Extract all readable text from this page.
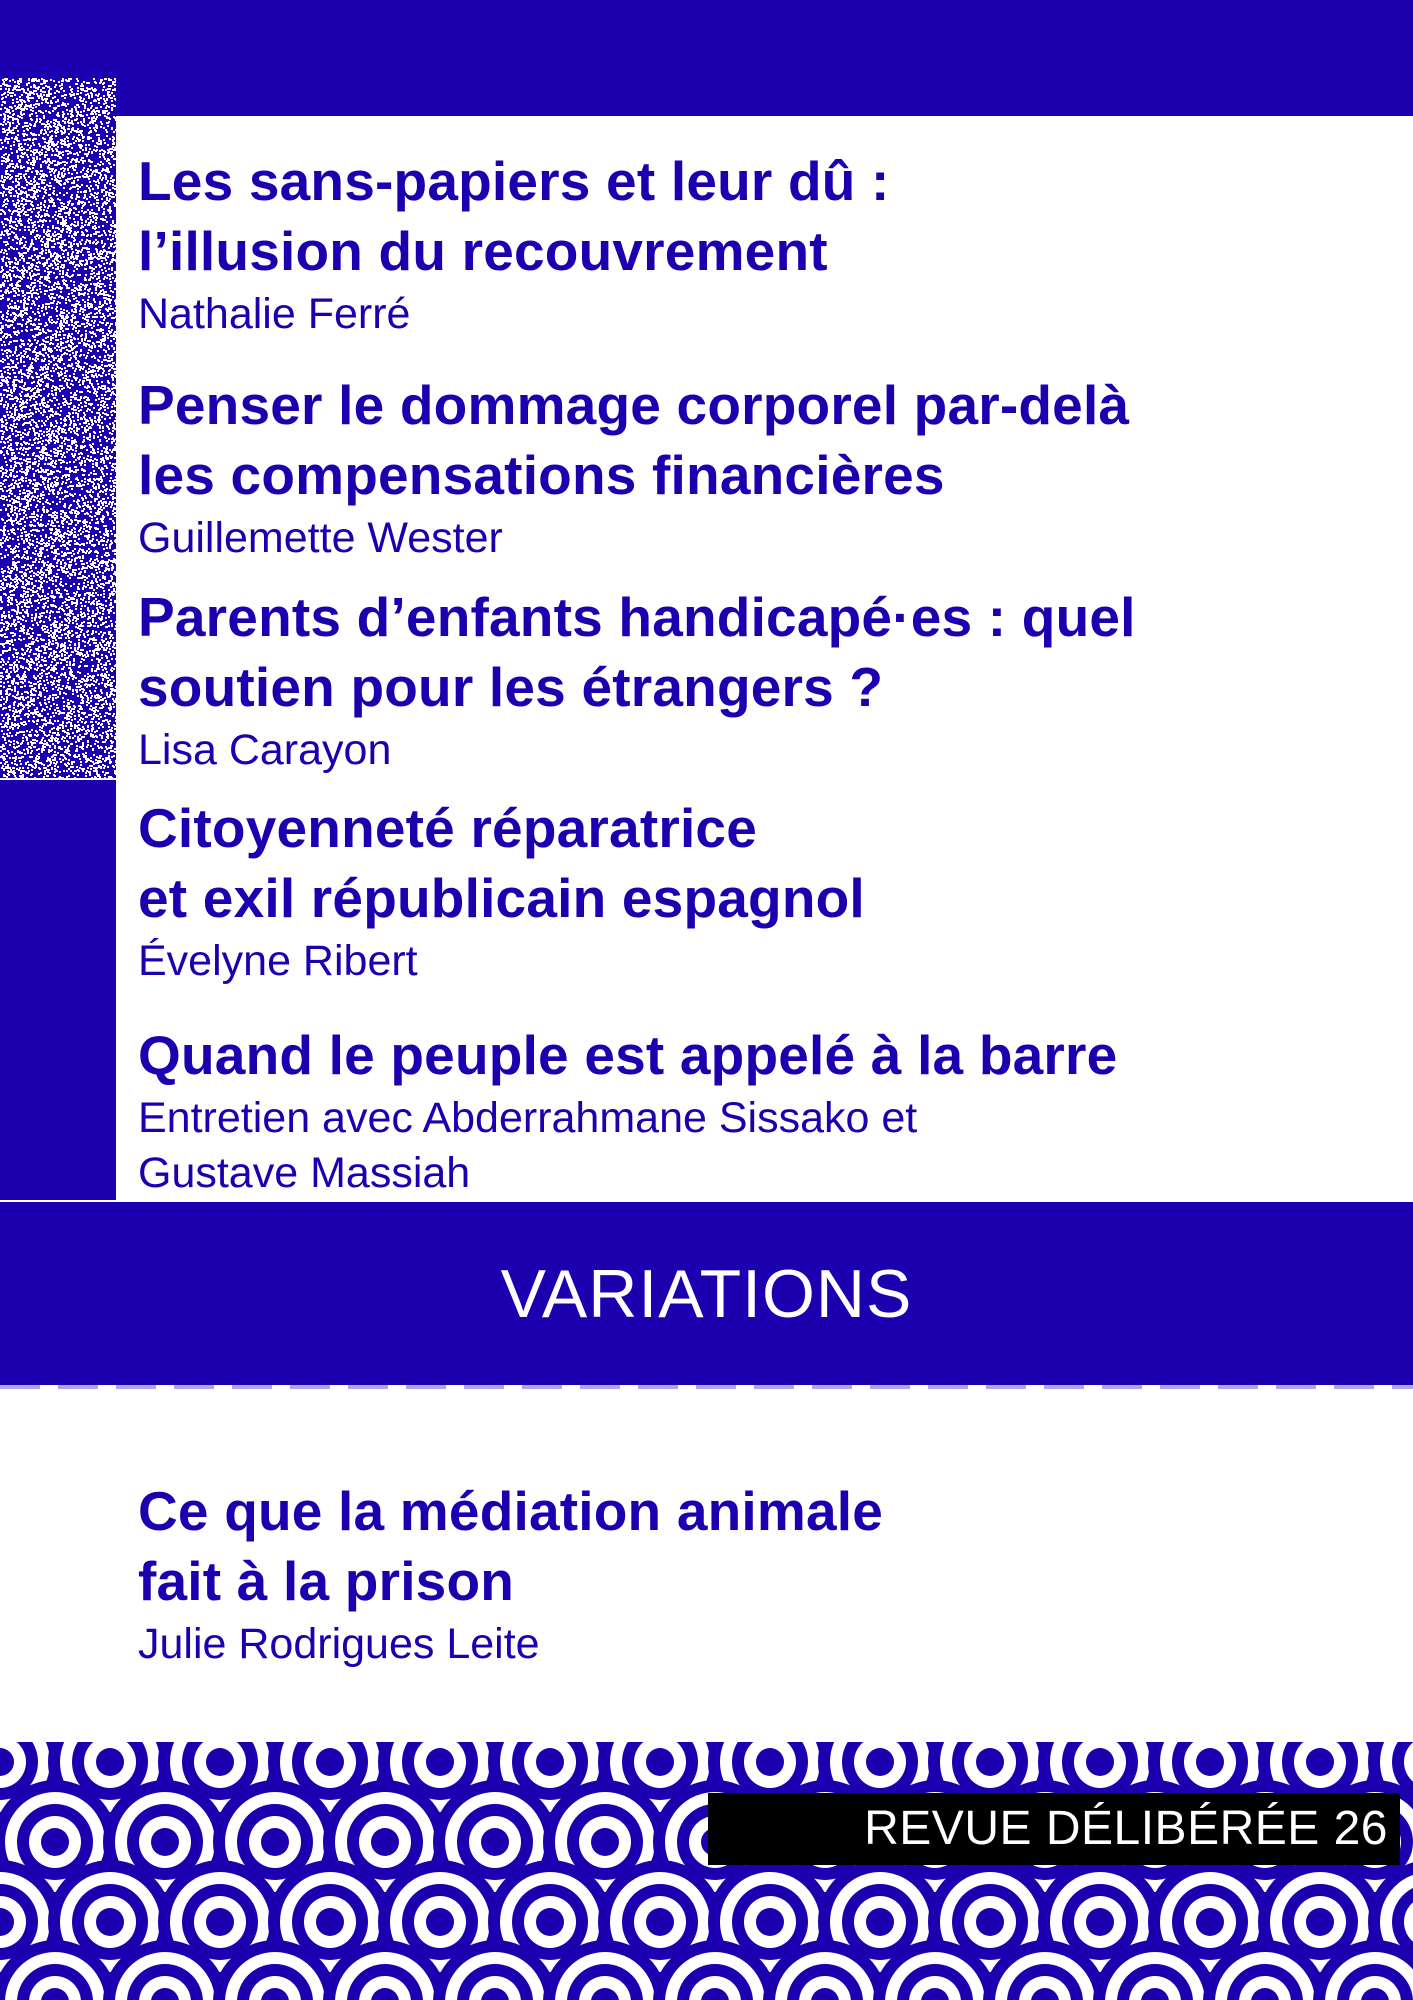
Les sans-papiers et leur dû :
l’illusion du recouvrement
Nathalie Ferré
Penser le dommage corporel par-delà
les compensations financières
Guillemette Wester
Parents d’enfants handicapé·es : quel
soutien pour les étrangers ?
Lisa Carayon
Citoyenneté réparatrice
et exil républicain espagnol
Évelyne Ribert
Quand le peuple est appelé à la barre
Entretien avec Abderrahmane Sissako et
Gustave Massiah
VARIATIONS
Ce que la médiation animale
fait à la prison
Julie Rodrigues Leite
REVUE DÉLIBÉRÉE 26
